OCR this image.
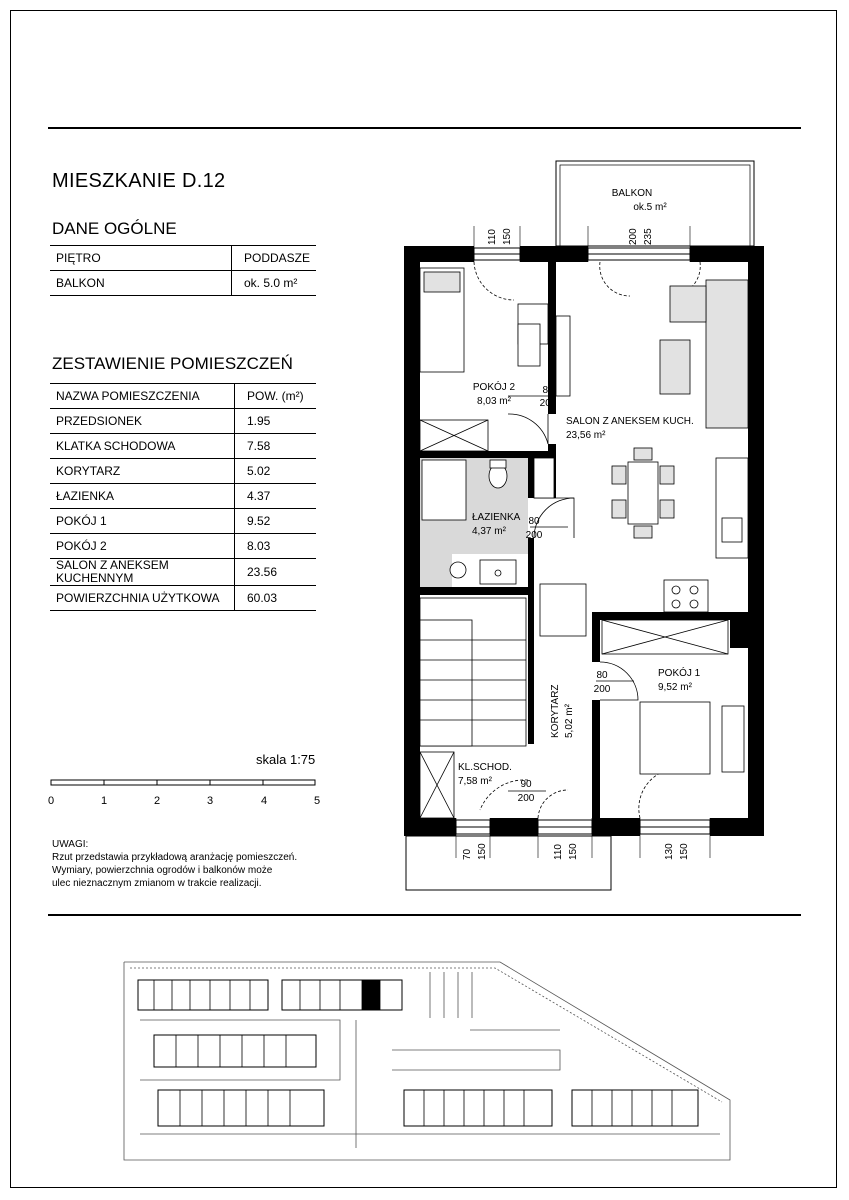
MIESZKANIE D.12
DANE OGÓLNE
PIĘTRO	PODDASZE
BALKON	ok. 5.0 m²
ZESTAWIENIE POMIESZCZEŃ
NAZWA POMIESZCZENIA	POW. (m²)
PRZEDSIONEK	1.95
KLATKA SCHODOWA	7.58
KORYTARZ	5.02
ŁAZIENKA	4.37
POKÓJ 1	9.52
POKÓJ 2	8.03
SALON Z ANEKSEM KUCHENNYM	23.56
POWIERZCHNIA UŻYTKOWA	60.03
skala 1:75
0	1	2	3	4	5
UWAGI:
Rzut przedstawia przykładową aranżację pomieszczeń.
Wymiary, powierzchnia ogrodów i balkonów może
ulec nieznacznym zmianom w trakcie realizacji.
BALKON
ok.5 m²
POKÓJ 2
8,03 m²
SALON Z ANEKSEM KUCH.
23,56 m²
ŁAZIENKA
4,37 m²
POKÓJ 1
9,52 m²
KL.SCHOD.
7,58 m²
KORYTARZ 5,02 m²
80
200
80
200
80
200
90
200
110 150	200 235
70 150	110 150	130 150
